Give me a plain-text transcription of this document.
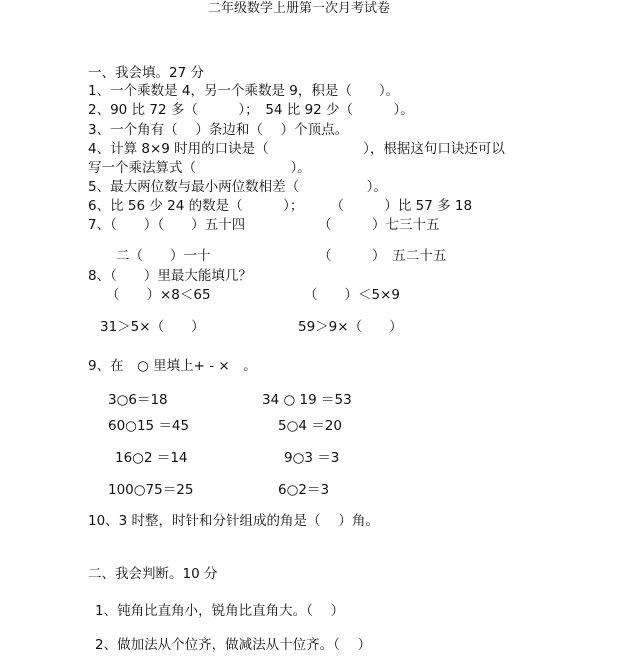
二年级数学上册第一次月考试卷
一、我会填。27 分
1、一个乘数是 4，另一个乘数是 9，积是（　　）。
2、90 比 72 多（　　　）；　54 比 92 少（　　　）。
3、一个角有（　 ）条边和（　 ）个顶点。
4、计算 8×9 时用的口诀是（　　　　　　　），根据这句口诀还可以
写一个乘法算式（　　　　　　　）。
5、最大两位数与最小两位数相差（　　　　　）。
6、比 56 少 24 的数是（　　　）；　　　（　　　）比 57 多 18
7、（　　）（　　）五十四	（　　　）七三十五
二（　　）一十	（　　　）　五二十五
8、（　　）里最大能填几？
（　　）×8＜65	（　　）＜5×9
31＞5×（　　）	59＞9×（　　）
9、在　○ 里填上+ - ×　。
3○6＝18	34 ○ 19 ＝53
60○15 ＝45	5○4 ＝20
16○2 ＝14	9○3 ＝3
100○75＝25	6○2＝3
10、3 时整，时针和分针组成的角是（　 ）角。
二、我会判断。10 分
1、钝角比直角小，锐角比直角大。（　 ）
2、做加法从个位齐，做减法从十位齐。（　 ）
